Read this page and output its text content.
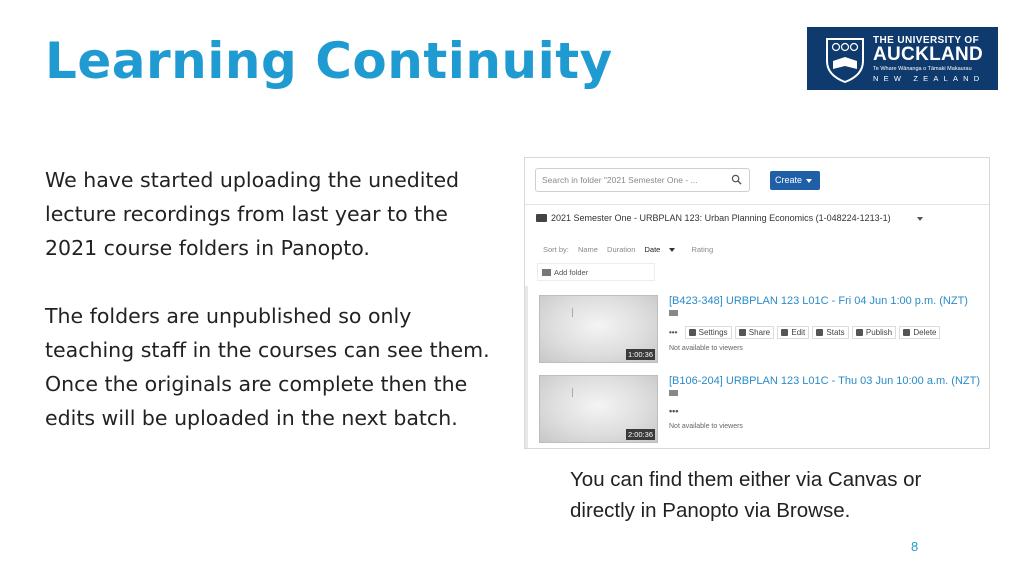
Learning Continuity	THE UNIVERSITY OF
AUCKLAND
Te Whare Wānanga o Tāmaki Makaurau
NEW ZEALAND

We have started uploading the unedited lecture recordings from last year to the 2021 course folders in Panopto.

The folders are unpublished so only teaching staff in the courses can see them. Once the originals are complete then the edits will be uploaded in the next batch.

Search in folder "2021 Semester One - ...	Create
2021 Semester One - URBPLAN 123: Urban Planning Economics (1-048224-1213-1)
Sort by: Name Duration Date	Rating
Add folder
1:00:36
[B423-348] URBPLAN 123 L01C - Fri 04 Jun 1:00 p.m. (NZT)
•••	Settings	Share	Edit	Stats	Publish	Delete
Not available to viewers
2:00:36
[B106-204] URBPLAN 123 L01C - Thu 03 Jun 10:00 a.m. (NZT)
•••
Not available to viewers
You can find them either via Canvas or directly in Panopto via Browse.
8
